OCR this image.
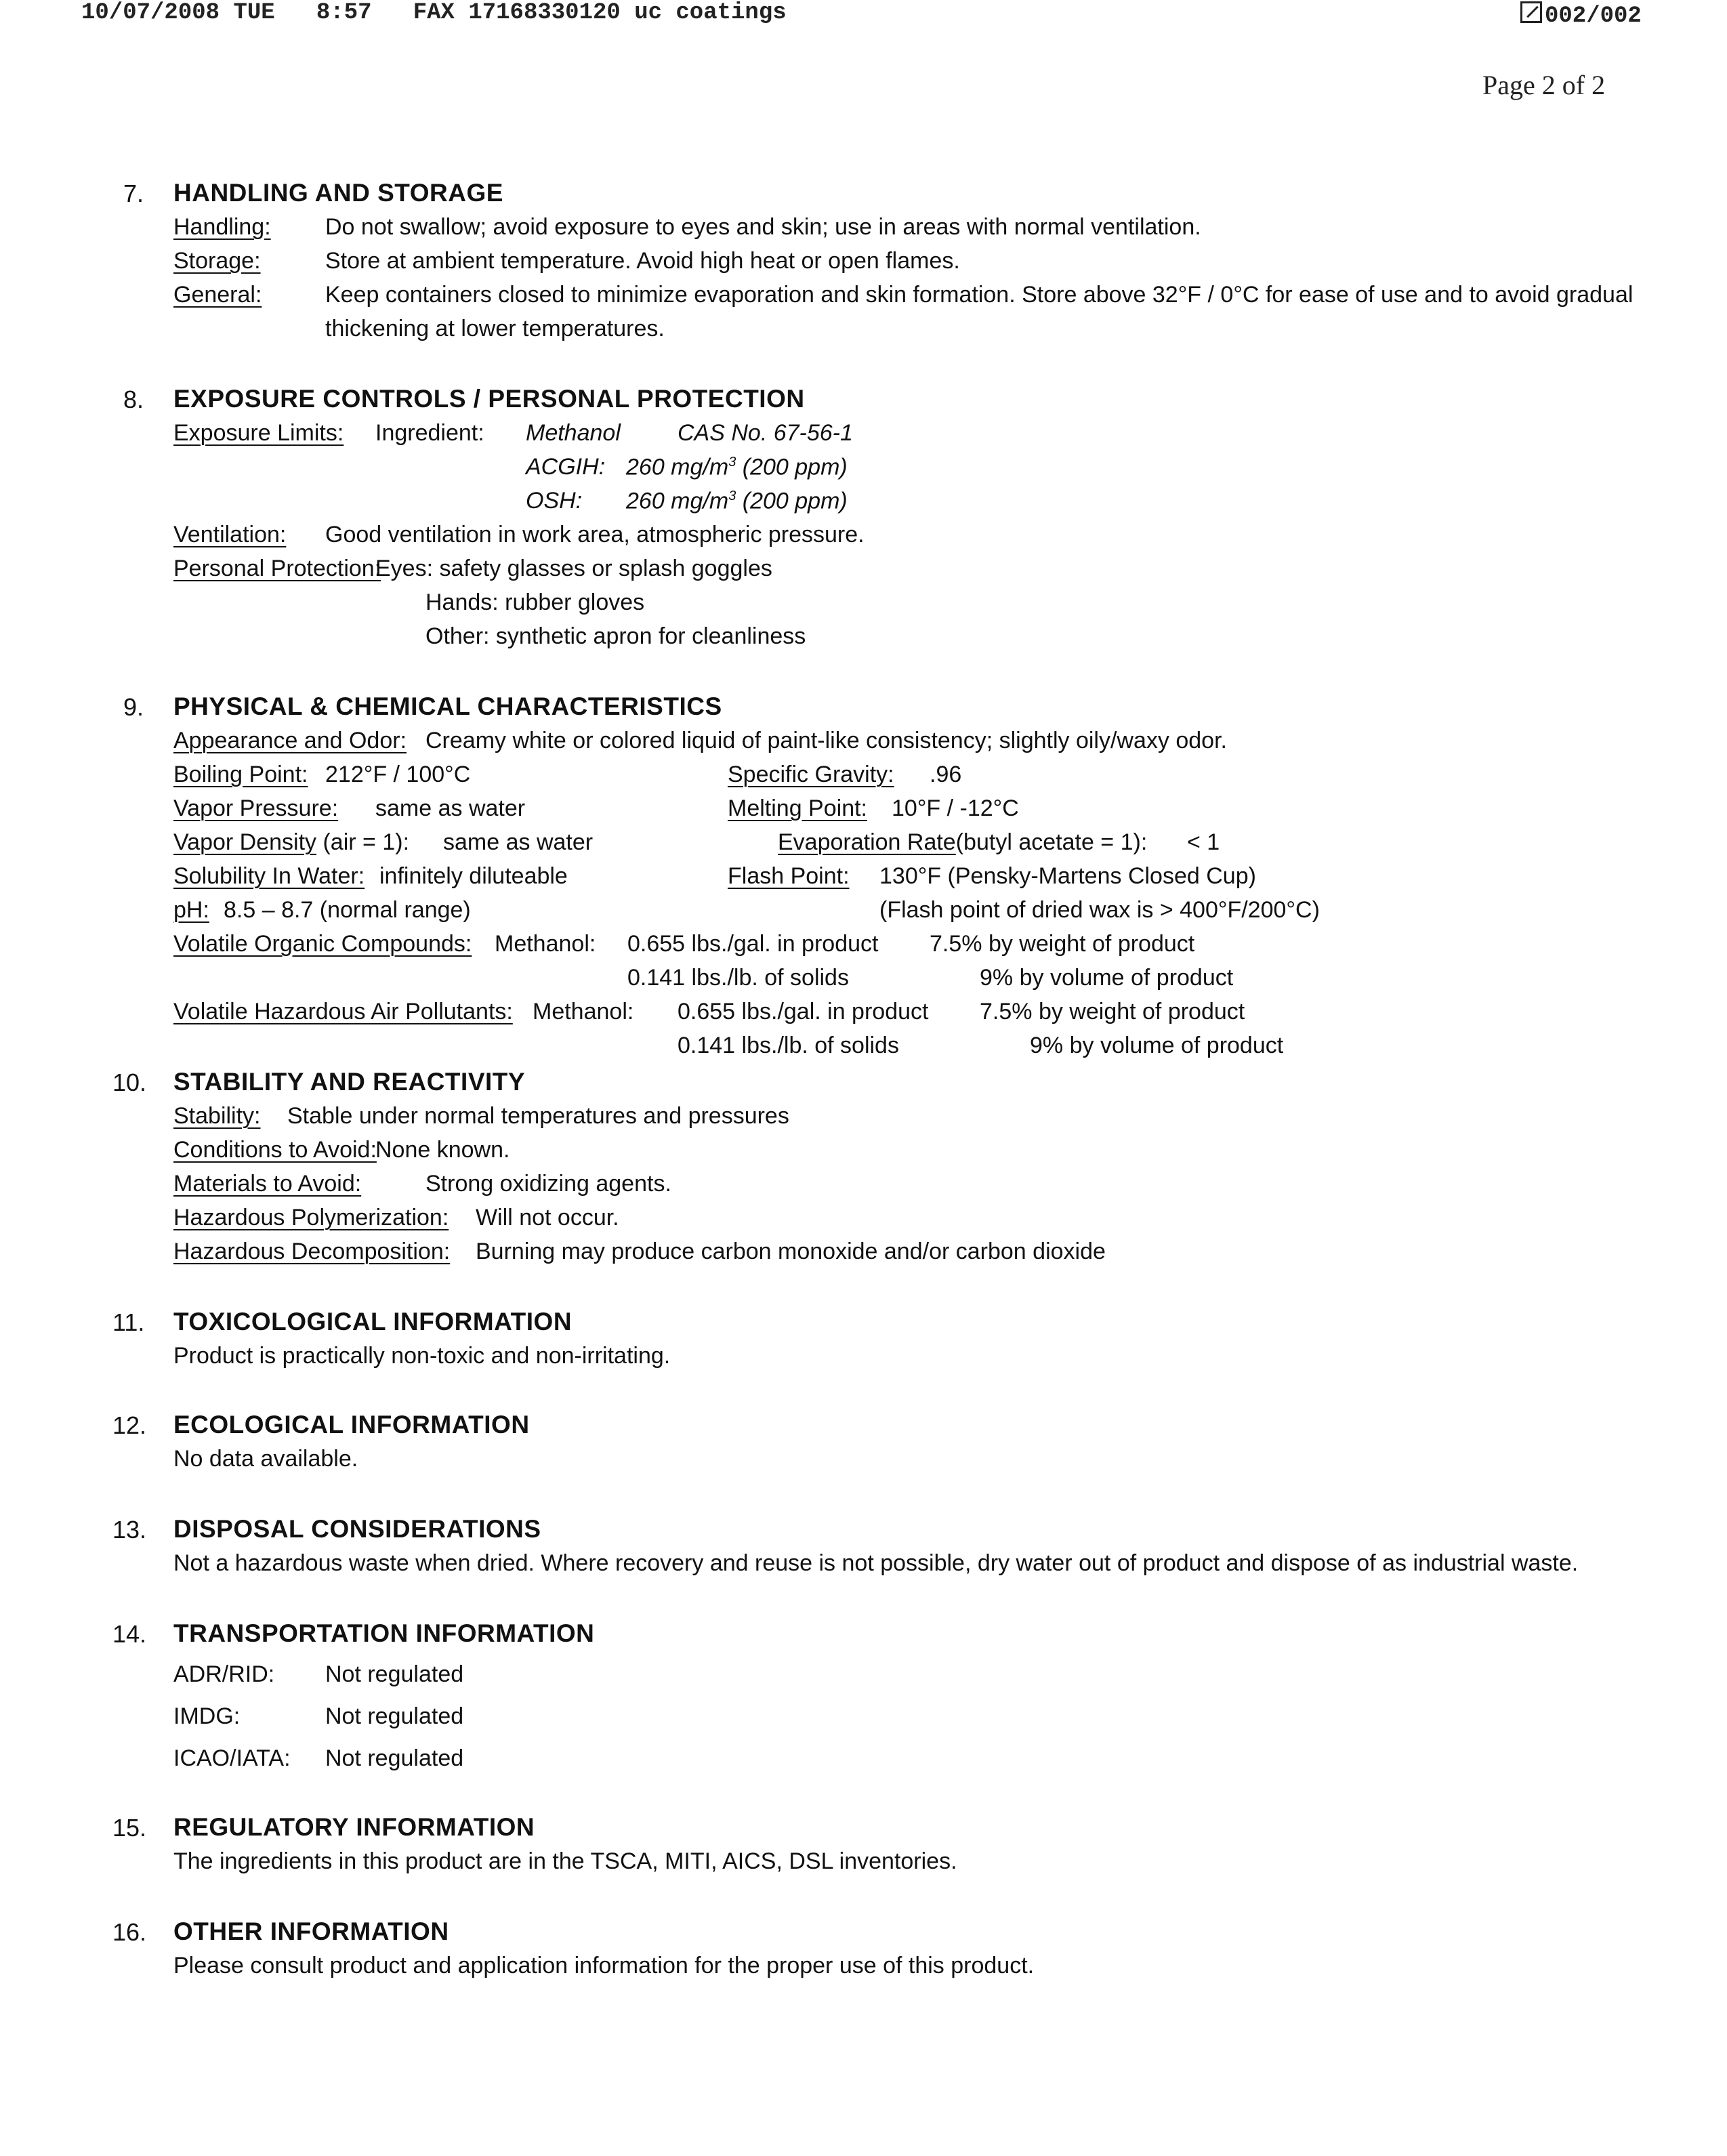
10/07/2008 TUE 8:57 FAX 17168330120 uc coatings	002/002
Page 2 of 2
7. HANDLING AND STORAGE
Handling: Do not swallow; avoid exposure to eyes and skin; use in areas with normal ventilation.
Storage:	Store at ambient temperature. Avoid high heat or open flames.
General:	Keep containers closed to minimize evaporation and skin formation. Store above 32°F / 0°C for ease of use and to avoid gradual
thickening at lower temperatures.
8. EXPOSURE CONTROLS / PERSONAL PROTECTION
Exposure Limits: Ingredient: Methanol CAS No. 67-56-1
ACGIH: 260 $mg/m^3$ (200 ppm)
OSH: 260 $mg/m^3$ (200 ppm)
Ventilation: Good ventilation in work area, atmospheric pressure.
Personal Protection:
Eyes: safety glasses or splash goggles
Hands: rubber gloves
Other: synthetic apron for cleanliness
9. PHYSICAL & CHEMICAL CHARACTERISTICS
Appearance and Odor: Creamy white or colored liquid of paint-like consistency; slightly oily/waxy odor.
Boiling Point: 212°F / 100°C	Specific Gravity: .96
Vapor Pressure: same as water	Melting Point: 10°F / -12°C
Vapor Density (air = 1): same as water	Evaporation Rate(butyl acetate = 1): < 1
Solubility In Water: infinitely diluteable	Flash Point: 130°F (Pensky-Martens Closed Cup)
pH: 8.5 – 8.7 (normal range)	(Flash point of dried wax is > 400°F/200°C)
Volatile Organic Compounds: Methanol: 0.655 lbs./gal. in product 7.5% by weight of product
0.141 lbs./lb. of solids	9% by volume of product
Volatile Hazardous Air Pollutants: Methanol: 0.655 lbs./gal. in product 7.5% by weight of product
0.141 lbs./lb. of solids	9% by volume of product
10. STABILITY AND REACTIVITY
Stability: Stable under normal temperatures and pressures
Conditions to Avoid:
None known.
Materials to Avoid:	Strong oxidizing agents.
Hazardous Polymerization: Will not occur.
Hazardous Decomposition: Burning may produce carbon monoxide and/or carbon dioxide
11. TOXICOLOGICAL INFORMATION
Product is practically non-toxic and non-irritating.
12. ECOLOGICAL INFORMATION
No data available.
13. DISPOSAL CONSIDERATIONS
Not a hazardous waste when dried. Where recovery and reuse is not possible, dry water out of product and dispose of as industrial waste.
14. TRANSPORTATION INFORMATION
ADR/RID: Not regulated
IMDG:	Not regulated
ICAO/IATA: Not regulated
15. REGULATORY INFORMATION
The ingredients in this product are in the TSCA, MITI, AICS, DSL inventories.
16. OTHER INFORMATION
Please consult product and application information for the proper use of this product.
